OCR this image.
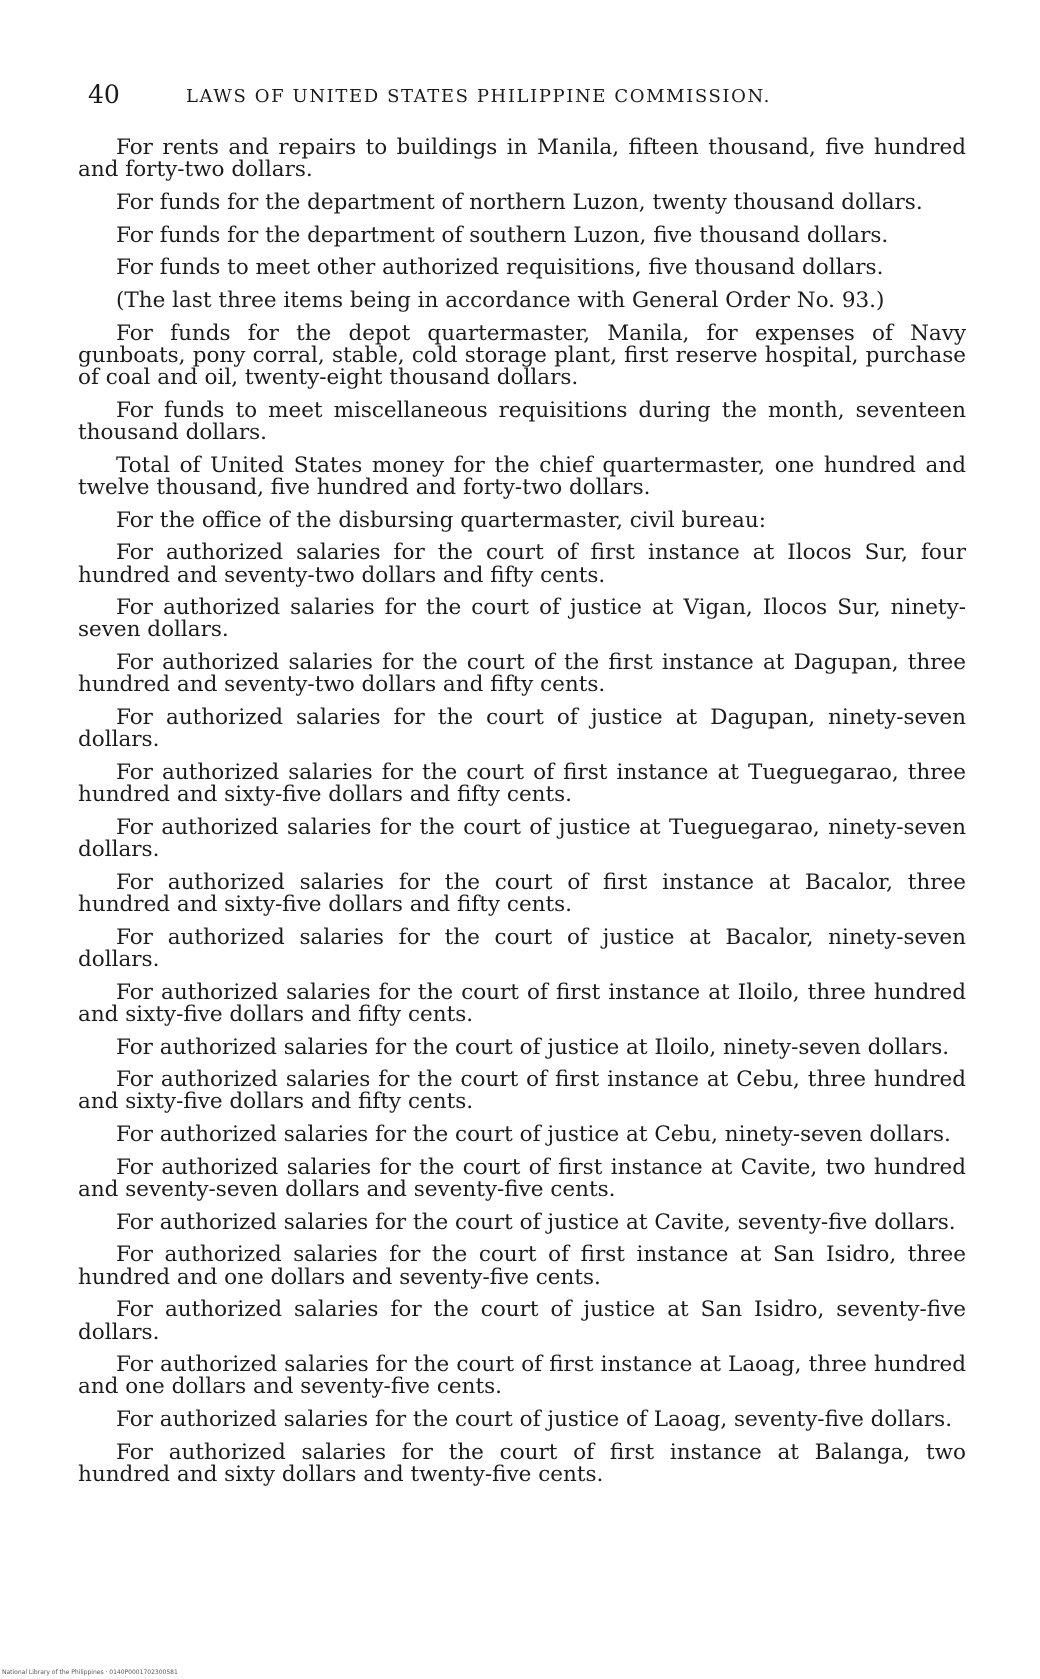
40	LAWS OF UNITED STATES PHILIPPINE COMMISSION.

For rents and repairs to buildings in Manila, fifteen thousand, five hundred and forty-two dollars.

For funds for the department of northern Luzon, twenty thousand dollars.

For funds for the department of southern Luzon, five thousand dollars.

For funds to meet other authorized requisitions, five thousand dollars.

(The last three items being in accordance with General Order No. 93.)

For funds for the depot quartermaster, Manila, for expenses of Navy gunboats, pony corral, stable, cold storage plant, first reserve hospital, purchase of coal and oil, twenty-eight thousand dollars.

For funds to meet miscellaneous requisitions during the month, seventeen thousand dollars.

Total of United States money for the chief quartermaster, one hundred and twelve thousand, five hundred and forty-two dollars.

For the office of the disbursing quartermaster, civil bureau:

For authorized salaries for the court of first instance at Ilocos Sur, four hundred and seventy-two dollars and fifty cents.

For authorized salaries for the court of justice at Vigan, Ilocos Sur, ninety-seven dollars.

For authorized salaries for the court of the first instance at Dagupan, three hundred and seventy-two dollars and fifty cents.

For authorized salaries for the court of justice at Dagupan, ninety-seven dollars.

For authorized salaries for the court of first instance at Tueguegarao, three hundred and sixty-five dollars and fifty cents.

For authorized salaries for the court of justice at Tueguegarao, ninety-seven dollars.

For authorized salaries for the court of first instance at Bacalor, three hundred and sixty-five dollars and fifty cents.

For authorized salaries for the court of justice at Bacalor, ninety-seven dollars.

For authorized salaries for the court of first instance at Iloilo, three hundred and sixty-five dollars and fifty cents.

For authorized salaries for the court of justice at Iloilo, ninety-seven dollars.

For authorized salaries for the court of first instance at Cebu, three hundred and sixty-five dollars and fifty cents.

For authorized salaries for the court of justice at Cebu, ninety-seven dollars.

For authorized salaries for the court of first instance at Cavite, two hundred and seventy-seven dollars and seventy-five cents.

For authorized salaries for the court of justice at Cavite, seventy-five dollars.

For authorized salaries for the court of first instance at San Isidro, three hundred and one dollars and seventy-five cents.

For authorized salaries for the court of justice at San Isidro, seventy-five dollars.

For authorized salaries for the court of first instance at Laoag, three hundred and one dollars and seventy-five cents.

For authorized salaries for the court of justice of Laoag, seventy-five dollars.

For authorized salaries for the court of first instance at Balanga, two hundred and sixty dollars and twenty-five cents.

National Library of the Philippines · 0140P0001702300581
